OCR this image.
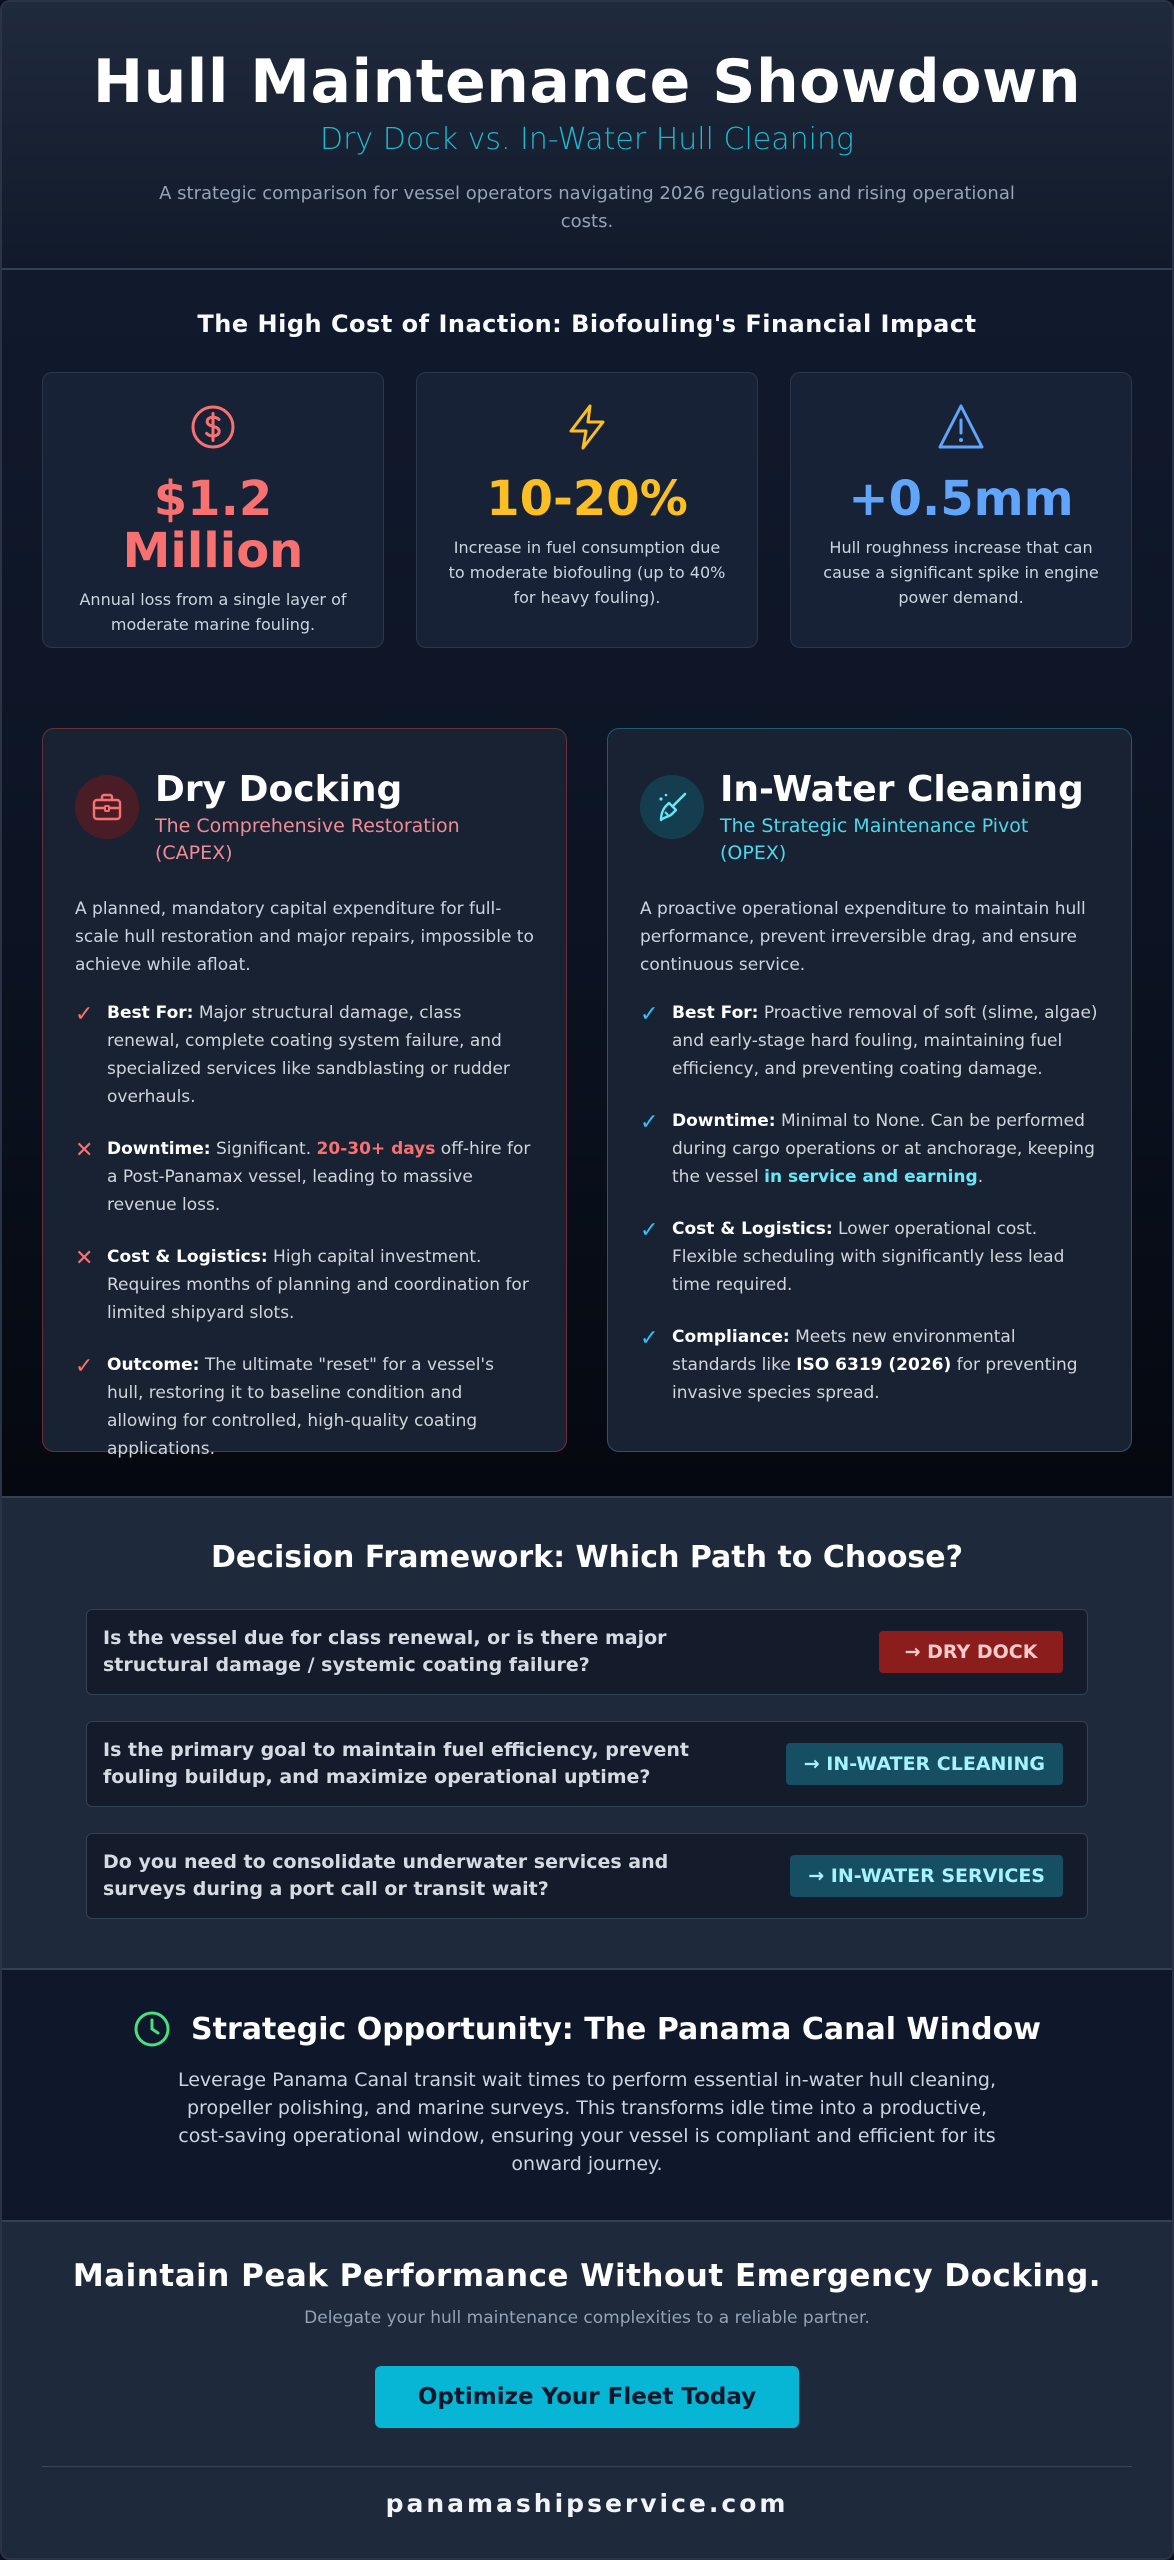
Hull Maintenance Showdown
Dry Dock vs. In-Water Hull Cleaning
A strategic comparison for vessel operators navigating 2026 regulations and rising operational costs.
The High Cost of Inaction: Biofouling's Financial Impact
$1.2
Million
Annual loss from a single layer of moderate marine fouling.
10-20%
Increase in fuel consumption due to moderate biofouling (up to 40% for heavy fouling).
+0.5mm
Hull roughness increase that can cause a significant spike in engine power demand.
Dry Docking
The Comprehensive Restoration (CAPEX)

A planned, mandatory capital expenditure for full-scale hull restoration and major repairs, impossible to achieve while afloat.

✓ Best For: Major structural damage, class renewal, complete coating system failure, and specialized services like sandblasting or rudder overhauls.

✕ Downtime: Significant. 20-30+ days off-hire for a Post-Panamax vessel, leading to massive revenue loss.

✕ Cost & Logistics: High capital investment. Requires months of planning and coordination for limited shipyard slots.

✓ Outcome: The ultimate "reset" for a vessel's hull, restoring it to baseline condition and allowing for controlled, high-quality coating applications.

In-Water Cleaning
The Strategic Maintenance Pivot (OPEX)

A proactive operational expenditure to maintain hull performance, prevent irreversible drag, and ensure continuous service.

✓ Best For: Proactive removal of soft (slime, algae) and early-stage hard fouling, maintaining fuel efficiency, and preventing coating damage.

✓ Downtime: Minimal to None. Can be performed during cargo operations or at anchorage, keeping the vessel in service and earning.

✓ Cost & Logistics: Lower operational cost. Flexible scheduling with significantly less lead time required.

✓ Compliance: Meets new environmental standards like ISO 6319 (2026) for preventing invasive species spread.

Decision Framework: Which Path to Choose?
Is the vessel due for class renewal, or is there major structural damage / systemic coating failure?
→ DRY DOCK
Is the primary goal to maintain fuel efficiency, prevent fouling buildup, and maximize operational uptime?
→ IN-WATER CLEANING
Do you need to consolidate underwater services and surveys during a port call or transit wait?
→ IN-WATER SERVICES
Strategic Opportunity: The Panama Canal Window

Leverage Panama Canal transit wait times to perform essential in-water hull cleaning, propeller polishing, and marine surveys. This transforms idle time into a productive, cost-saving operational window, ensuring your vessel is compliant and efficient for its onward journey.

Maintain Peak Performance Without Emergency Docking.
Delegate your hull maintenance complexities to a reliable partner.
Optimize Your Fleet Today
panamashipservice.com
